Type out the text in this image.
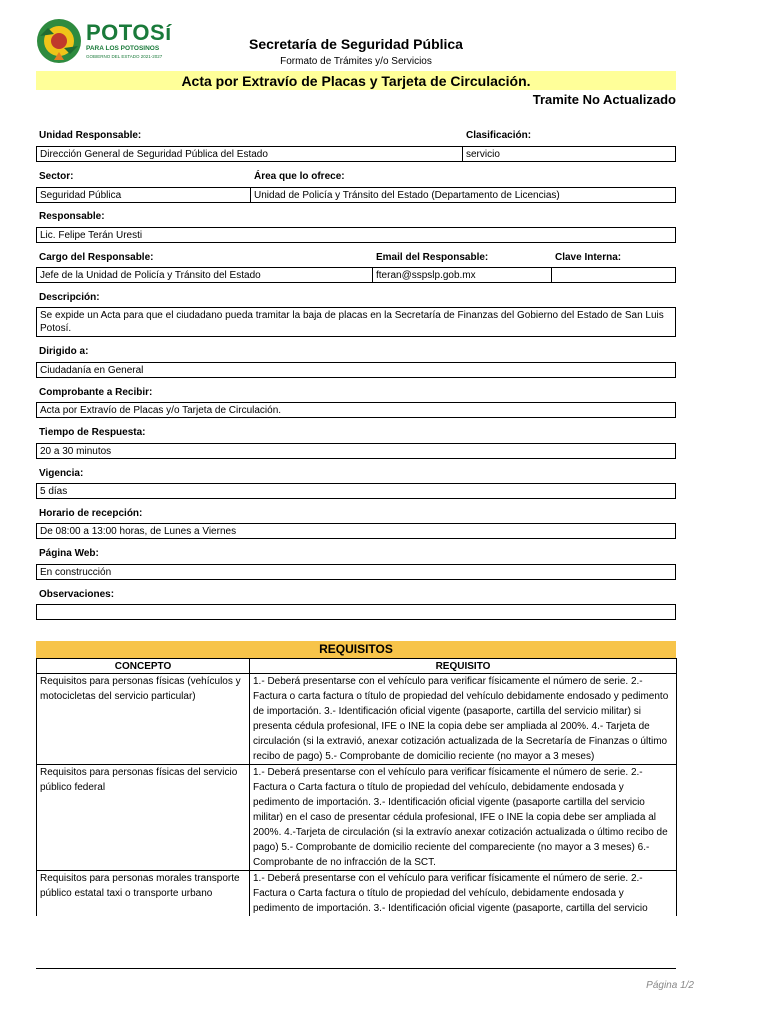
POTOSí
PARA LOS POTOSINOS
GOBIERNO DEL ESTADO 2021-2027
Secretaría de Seguridad Pública
Formato de Trámites y/o Servicios
Acta por Extravío de Placas y Tarjeta de Circulación.
Tramite No Actualizado
Unidad Responsable:	Clasificación:
Dirección General de Seguridad Pública del Estado	servicio
Sector:	Área que lo ofrece:
Seguridad Pública	Unidad de Policía y Tránsito del Estado (Departamento de Licencias)
Responsable:
Lic. Felipe Terán Uresti
Cargo del Responsable:	Email del Responsable:	Clave Interna:
Jefe de la Unidad de Policía y Tránsito del Estado	fteran@sspslp.gob.mx
Descripción:
Se expide un Acta para que el ciudadano pueda tramitar la baja de placas en la Secretaría de Finanzas del Gobierno del Estado de San Luis Potosí.
Dirigido a:
Ciudadanía en General
Comprobante a Recibir:
Acta por Extravío de Placas y/o Tarjeta de Circulación.
Tiempo de Respuesta:
20 a 30 minutos
Vigencia:
5 días
Horario de recepción:
De 08:00 a 13:00 horas, de Lunes a Viernes
Página Web:
En construcción
Observaciones:
REQUISITOS
CONCEPTO	REQUISITO
Requisitos para personas físicas (vehículos y motocicletas del servicio particular)	1.- Deberá presentarse con el vehículo para verificar físicamente el número de serie. 2.- Factura o carta factura o título de propiedad del vehículo debidamente endosado y pedimento de importación. 3.- Identificación oficial vigente (pasaporte, cartilla del servicio militar) si presenta cédula profesional, IFE o INE la copia debe ser ampliada al 200%. 4.- Tarjeta de circulación (si la extravió, anexar cotización actualizada de la Secretaría de Finanzas o último recibo de pago) 5.- Comprobante de domicilio reciente (no mayor a 3 meses)
Requisitos para personas físicas del servicio público federal	1.- Deberá presentarse con el vehículo para verificar físicamente el número de serie. 2.- Factura o Carta factura o título de propiedad del vehículo, debidamente endosada y pedimento de importación. 3.- Identificación oficial vigente (pasaporte cartilla del servicio militar) en el caso de presentar cédula profesional, IFE o INE la copia debe ser ampliada al 200%. 4.-Tarjeta de circulación (si la extravío anexar cotización actualizada o último recibo de pago) 5.- Comprobante de domicilio reciente del compareciente (no mayor a 3 meses) 6.- Comprobante de no infracción de la SCT.
Requisitos para personas morales transporte público estatal taxi o transporte urbano	1.- Deberá presentarse con el vehículo para verificar físicamente el número de serie. 2.- Factura o Carta factura o título de propiedad del vehículo, debidamente endosada y pedimento de importación. 3.- Identificación oficial vigente (pasaporte, cartilla del servicio
Página 1/2
